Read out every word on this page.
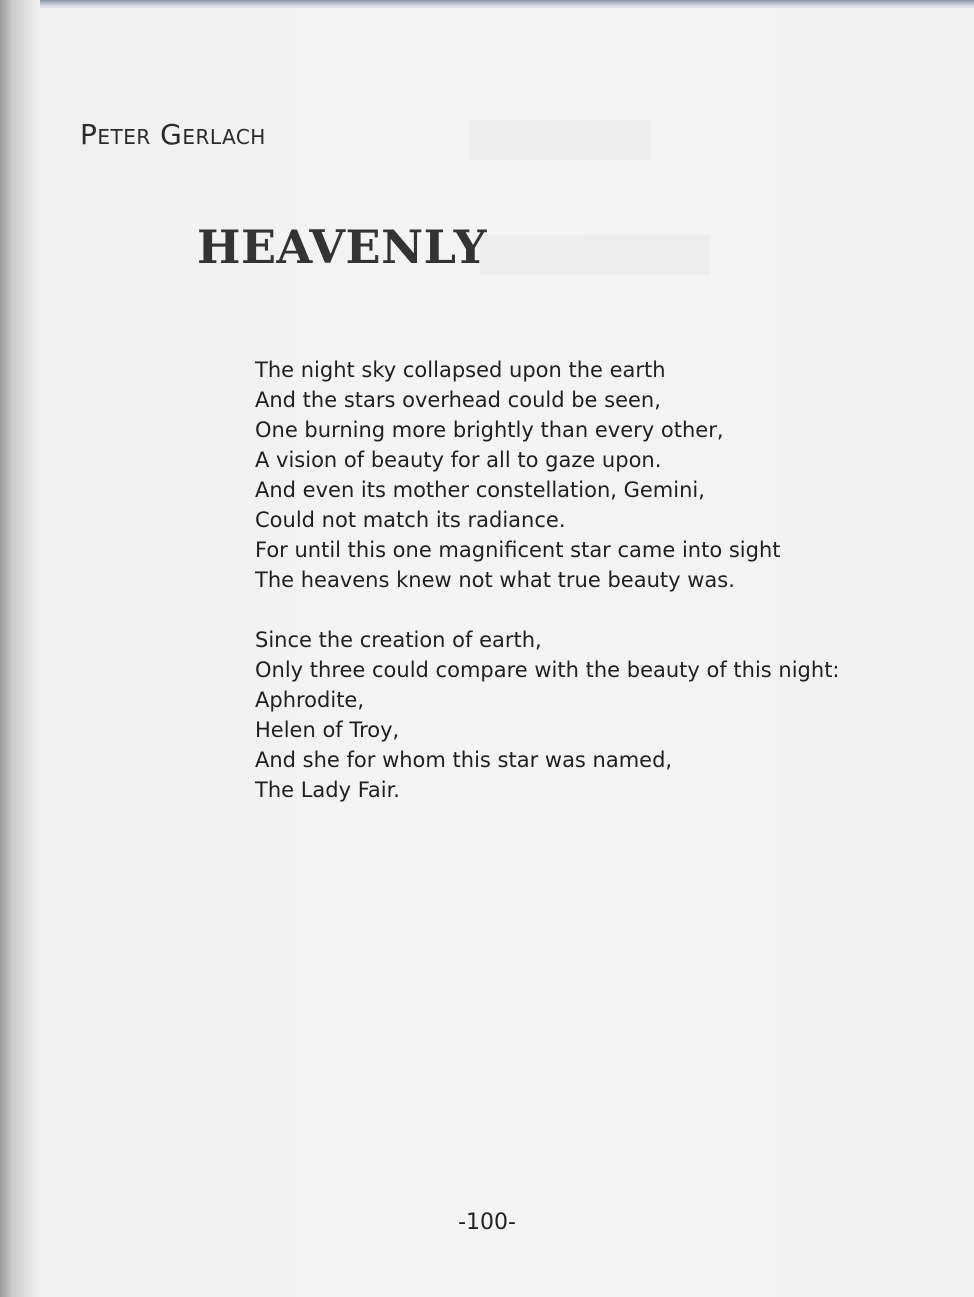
Peter Gerlach
HEAVENLY
The night sky collapsed upon the earth
And the stars overhead could be seen,
One burning more brightly than every other,
A vision of beauty for all to gaze upon.
And even its mother constellation, Gemini,
Could not match its radiance.
For until this one magnificent star came into sight
The heavens knew not what true beauty was.
Since the creation of earth,
Only three could compare with the beauty of this night:
Aphrodite,
Helen of Troy,
And she for whom this star was named,
The Lady Fair.
-100-
